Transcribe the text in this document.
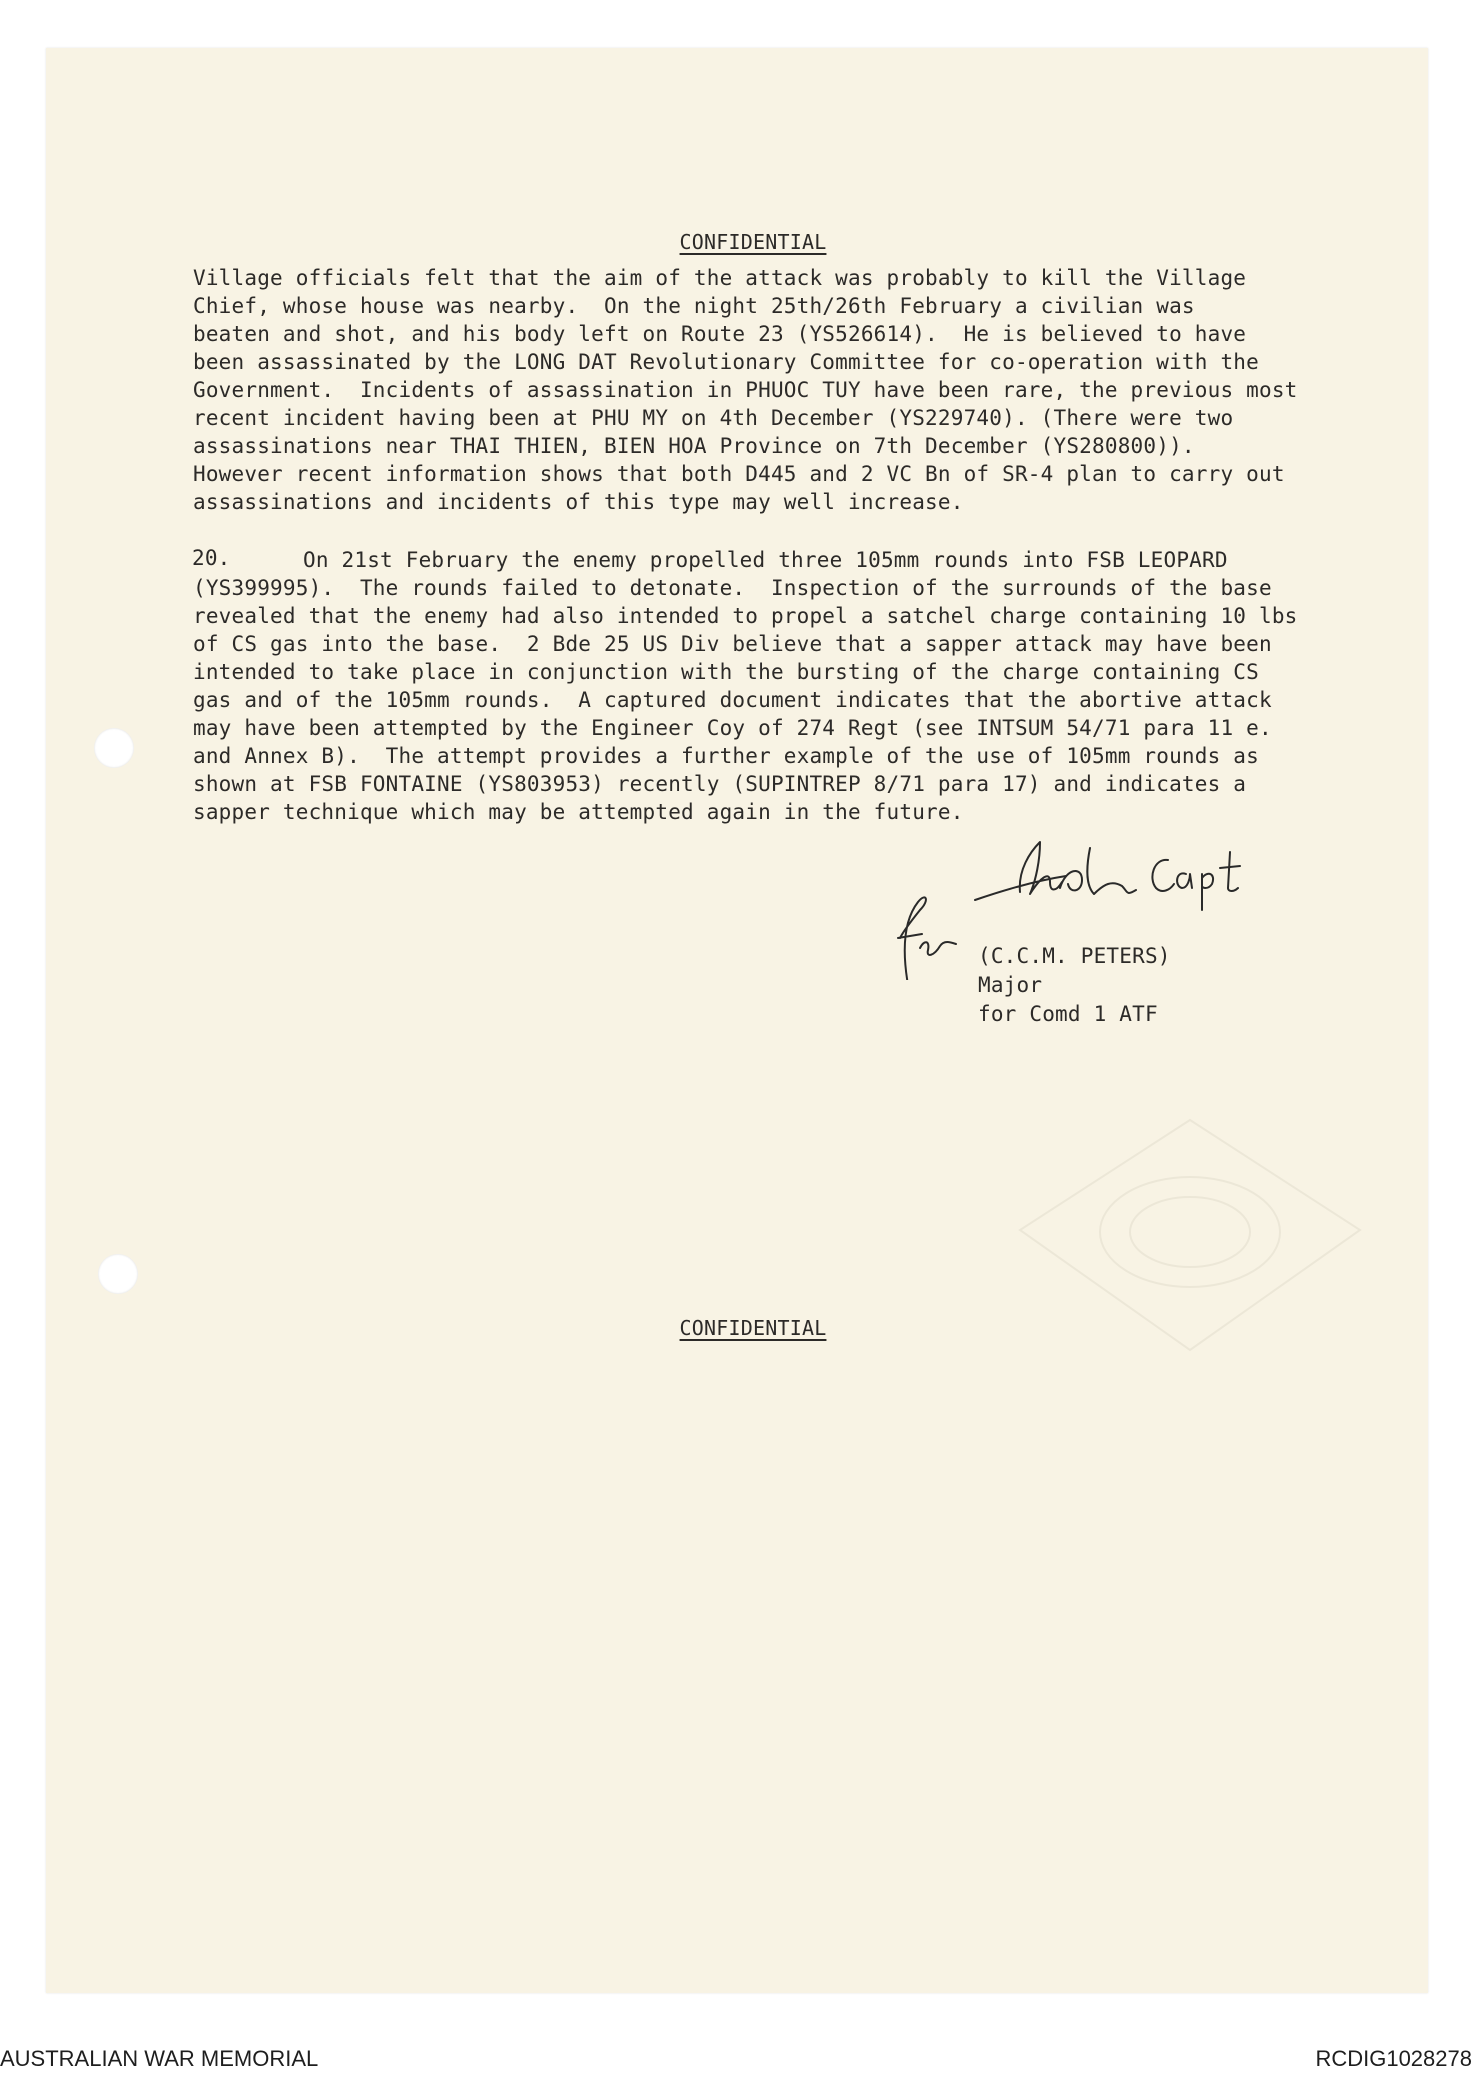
CONFIDENTIAL
Village officials felt that the aim of the attack was probably to kill the Village
Chief, whose house was nearby.  On the night 25th/26th February a civilian was
beaten and shot, and his body left on Route 23 (YS526614).  He is believed to have
been assassinated by the LONG DAT Revolutionary Committee for co-operation with the
Government.  Incidents of assassination in PHUOC TUY have been rare, the previous most
recent incident having been at PHU MY on 4th December (YS229740). (There were two
assassinations near THAI THIEN, BIEN HOA Province on 7th December (YS280800)).
However recent information shows that both D445 and 2 VC Bn of SR-4 plan to carry out
assassinations and incidents of this type may well increase.
20.	On 21st February the enemy propelled three 105mm rounds into FSB LEOPARD
(YS399995).  The rounds failed to detonate.  Inspection of the surrounds of the base
revealed that the enemy had also intended to propel a satchel charge containing 10 lbs
of CS gas into the base.  2 Bde 25 US Div believe that a sapper attack may have been
intended to take place in conjunction with the bursting of the charge containing CS
gas and of the 105mm rounds.  A captured document indicates that the abortive attack
may have been attempted by the Engineer Coy of 274 Regt (see INTSUM 54/71 para 11 e.
and Annex B).  The attempt provides a further example of the use of 105mm rounds as
shown at FSB FONTAINE (YS803953) recently (SUPINTREP 8/71 para 17) and indicates a
sapper technique which may be attempted again in the future.
(C.C.M. PETERS)
Major
for Comd 1 ATF
CONFIDENTIAL
AUSTRALIAN WAR MEMORIAL	RCDIG1028278
